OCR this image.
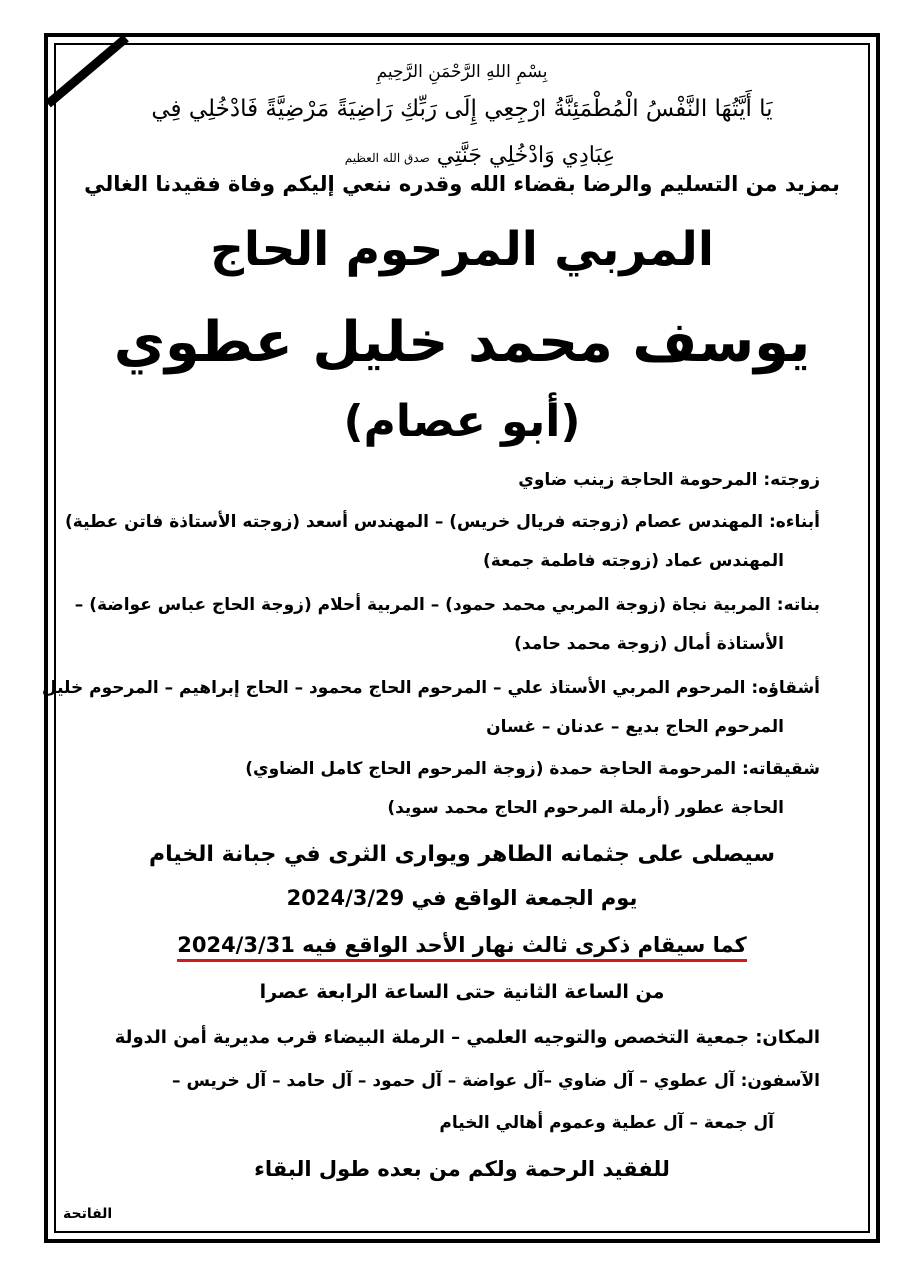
بِسْمِ اللهِ الرَّحْمَنِ الرَّحِيمِ
يَا أَيَّتُهَا النَّفْسُ الْمُطْمَئِنَّةُ ارْجِعِي إِلَى رَبِّكِ رَاضِيَةً مَرْضِيَّةً فَادْخُلِي فِي
عِبَادِي وَادْخُلِي جَنَّتِي صدق الله العظيم
بمزيد من التسليم والرضا بقضاء الله وقدره ننعي إليكم وفاة فقيدنا الغالي
المربي المرحوم الحاج
يوسف محمد خليل عطوي
(أبو عصام)
زوجته: المرحومة الحاجة زينب ضاوي
أبناءه: المهندس عصام (زوجته فريال خريس) – المهندس أسعد (زوجته الأستاذة فاتن عطية)
المهندس عماد (زوجته فاطمة جمعة)
بناته: المربية نجاة (زوجة المربي محمد حمود) – المربية أحلام (زوجة الحاج عباس عواضة) –
الأستاذة أمال (زوجة محمد حامد)
أشقاؤه: المرحوم المربي الأستاذ علي – المرحوم الحاج محمود – الحاج إبراهيم – المرحوم خليل
المرحوم الحاج بديع – عدنان – غسان
شقيقاته: المرحومة الحاجة حمدة (زوجة المرحوم الحاج كامل الضاوي)
الحاجة عطور (أرملة المرحوم الحاج محمد سويد)
سيصلى على جثمانه الطاهر ويوارى الثرى في جبانة الخيام
يوم الجمعة الواقع في 2024/3/29
كما سيقام ذكرى ثالث نهار الأحد الواقع فيه 2024/3/31
من الساعة الثانية حتى الساعة الرابعة عصرا
المكان: جمعية التخصص والتوجيه العلمي – الرملة البيضاء قرب مديرية أمن الدولة
الآسفون: آل عطوي – آل ضاوي –آل عواضة – آل حمود – آل حامد – آل خريس –
آل جمعة – آل عطية وعموم أهالي الخيام
للفقيد الرحمة ولكم من بعده طول البقاء
الفاتحة
